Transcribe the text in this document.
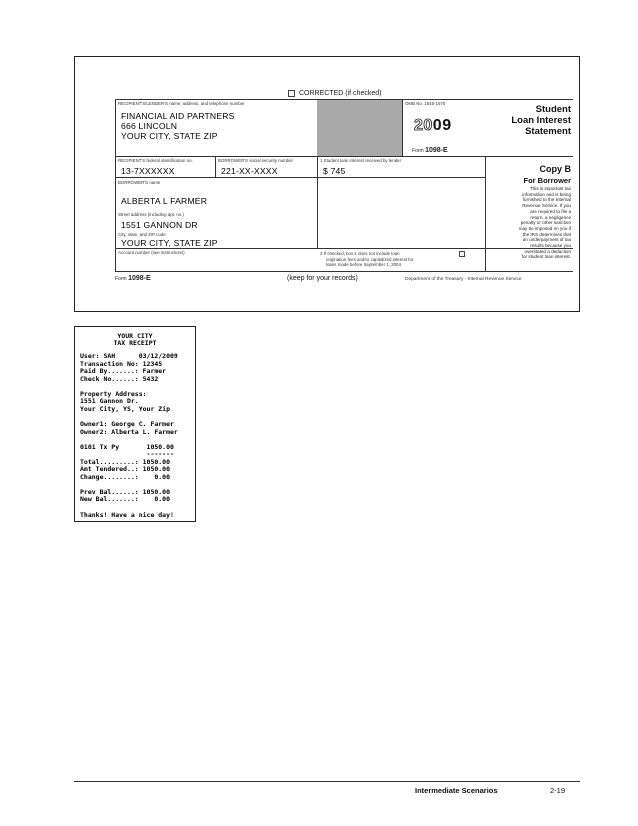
CORRECTED (if checked)
RECIPIENT'S/LENDER'S name, address, and telephone number
FINANCIAL AID PARTNERS
666 LINCOLN
YOUR CITY, STATE ZIP
OMB No. 1545-1576
2009
Form 1098-E
Student
Loan Interest
Statement
RECIPIENT'S federal identification no.
13-7XXXXXX
BORROWER'S social security number
221-XX-XXXX
1 Student loan interest received by lender
$ 745	Copy B
For Borrower
This is important tax
information and is being
furnished to the Internal
Revenue Service. If you
are required to file a
return, a negligence
penalty or other sanction
may be imposed on you if
the IRS determines that
an underpayment of tax
results because you
overstated a deduction
for student loan interest.
BORROWER'S name
ALBERTA L FARMER
Street address (including apt. no.)
1551 GANNON DR
City, state, and ZIP code
YOUR CITY, STATE ZIP
Account number (see instructions)	2 If checked, box 1 does not include loan
origination fees and/or capitalized interest for
loans made before September 1, 2004
Form 1098-E	(keep for your records)	Department of the Treasury - Internal Revenue Service
YOUR CITY
TAX RECEIPT
User: SAH      03/12/2009
Transaction No: 12345
Paid By.......: Farmer
Check No......: 5432
Property Address:
1551 Gannon Dr.
Your City, YS, Your Zip
Owner1: George C. Farmer
Owner2: Alberta L. Farmer
0101 Tx Py       1050.00
-------
Total.........: 1050.00
Amt Tendered..: 1050.00
Change........:    0.00
Prev Bal......: 1050.00
New Bal.......:    0.00
Thanks! Have a nice day!
Intermediate Scenarios	2-19
